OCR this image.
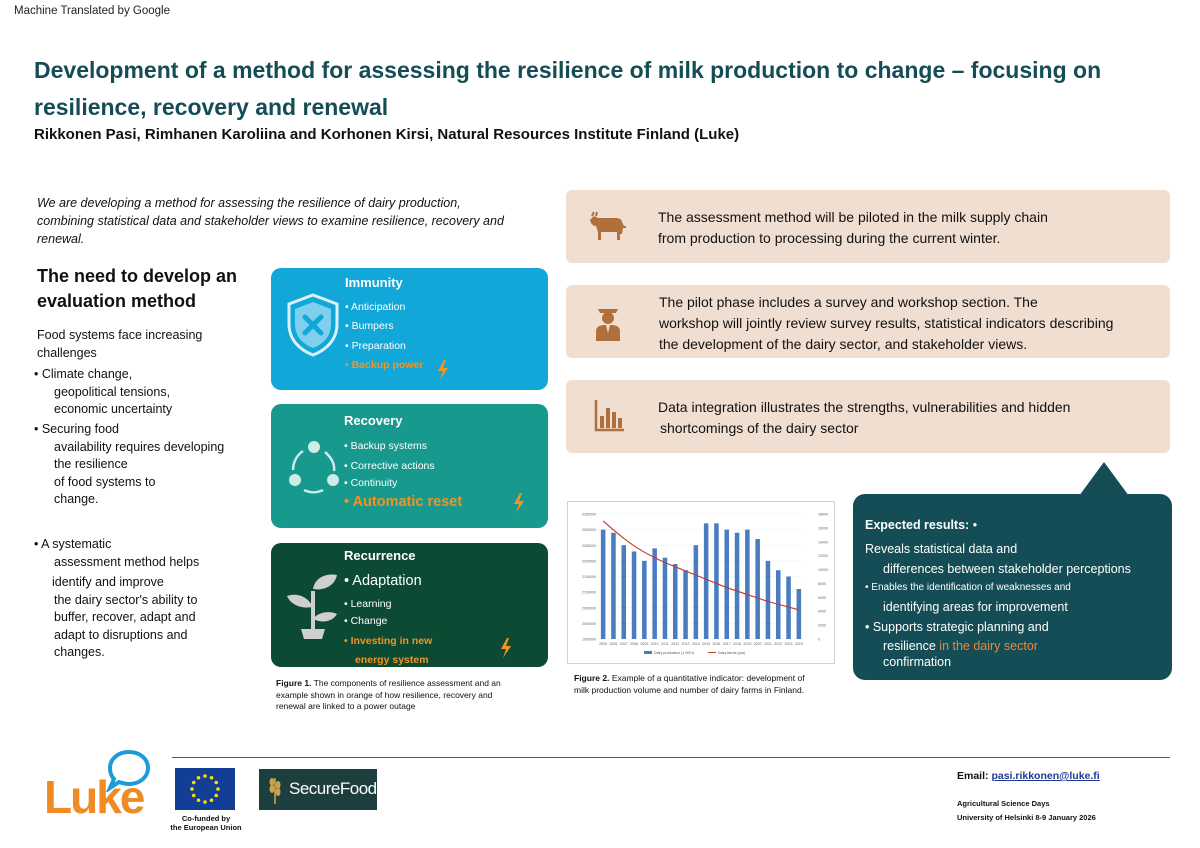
Machine Translated by Google
Development of a method for assessing the resilience of milk production to change – focusing on resilience, recovery and renewal
Rikkonen Pasi, Rimhanen Karoliina and Korhonen Kirsi, Natural Resources Institute Finland (Luke)
We are developing a method for assessing the resilience of dairy production, combining statistical data and stakeholder views to examine resilience, recovery and renewal.
The need to develop an
evaluation method
Food systems face increasing
challenges
• Climate change,
geopolitical tensions,
economic uncertainty
• Securing food
availability requires developing
the resilience
of food systems to
change.
• A systematic
assessment method helps
identify and improve
the dairy sector's ability to
buffer, recover, adapt and
adapt to disruptions and
changes.
Immunity
• Anticipation
• Bumpers
• Preparation
• Backup power
Recovery
• Backup systems
• Corrective actions
• Continuity
• Automatic reset
Recurrence
• Adaptation
• Learning
• Change
• Investing in new
energy system
Figure 1. The components of resilience assessment and an example shown in orange of how resilience, recovery and renewal are linked to a power outage
The assessment method will be piloted in the milk supply chain
from production to processing during the current winter.
The pilot phase includes a survey and workshop section. The
workshop will jointly review survey results, statistical indicators describing
the development of the dairy sector, and stakeholder views.
Data integration illustrates the strengths, vulnerabilities and hidden
shortcomings of the dairy sector
1950000
2000000
2050000
2100000
2150000
2200000
2250000
2300000
2350000
0
2000
4000
6000
8000
10000
12000
14000
16000
18000
2005 2006 2007 2008 2009 2010 2011 2012 2013 2014 2015 2016 2017 2018 2019 2020 2021 2022 2023 2024
Dairy production (1 000 l)	Dairy farms (pcs)
Figure 2. Example of a quantitative indicator: development of
milk production volume and number of dairy farms in Finland.
Expected results: •
Reveals statistical data and
differences between stakeholder perceptions
• Enables the identification of weaknesses and
identifying areas for improvement
• Supports strategic planning and
resilience in the dairy sector
confirmation
Luke	Co-funded by
the European Union
SecureFood
Email: pasi.rikkonen@luke.fi
Agricultural Science Days
University of Helsinki 8-9 January 2026
